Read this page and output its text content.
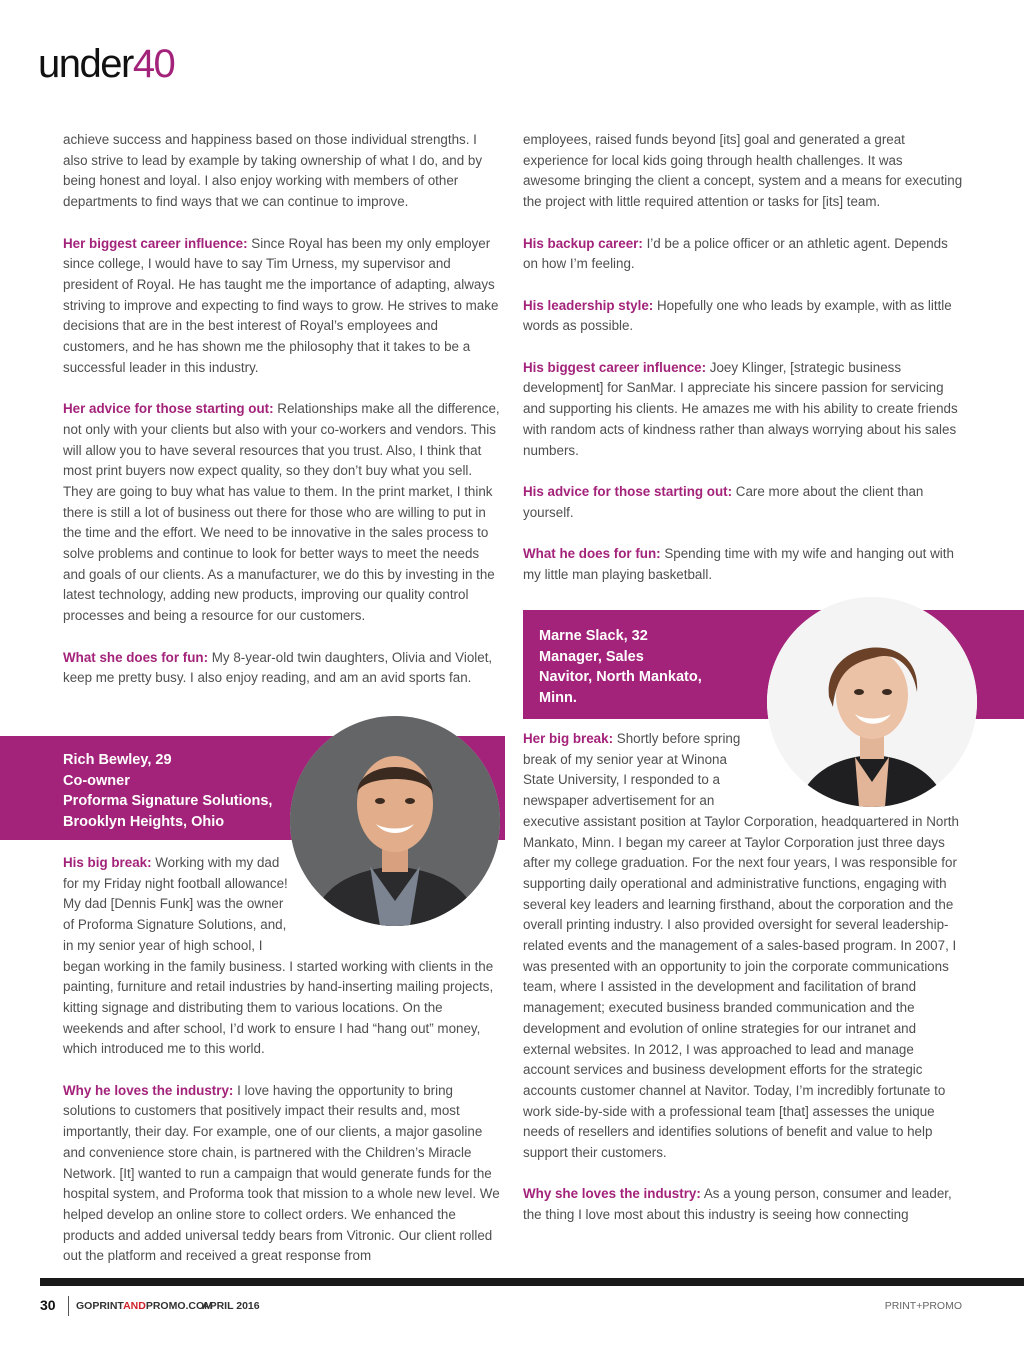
under40

achieve success and happiness based on those individual strengths. I also strive to lead by example by taking ownership of what I do, and by being honest and loyal. I also enjoy working with members of other departments to find ways that we can continue to improve.

Her biggest career influence: Since Royal has been my only employer since college, I would have to say Tim Urness, my supervisor and president of Royal. He has taught me the importance of adapting, always striving to improve and expecting to find ways to grow. He strives to make decisions that are in the best interest of Royal’s employees and customers, and he has shown me the philosophy that it takes to be a successful leader in this industry.

Her advice for those starting out: Relationships make all the difference, not only with your clients but also with your co-workers and vendors. This will allow you to have several resources that you trust. Also, I think that most print buyers now expect quality, so they don’t buy what you sell. They are going to buy what has value to them. In the print market, I think there is still a lot of business out there for those who are willing to put in the time and the effort. We need to be innovative in the sales process to solve problems and continue to look for better ways to meet the needs and goals of our clients. As a manufacturer, we do this by investing in the latest technology, adding new products, improving our quality control processes and being a resource for our customers.

What she does for fun: My 8-year-old twin daughters, Olivia and Violet, keep me pretty busy. I also enjoy reading, and am an avid sports fan.

employees, raised funds beyond [its] goal and generated a great experience for local kids going through health challenges. It was awesome bringing the client a concept, system and a means for executing the project with little required attention or tasks for [its] team.

His backup career: I’d be a police officer or an athletic agent. Depends on how I’m feeling.

His leadership style: Hopefully one who leads by example, with as little words as possible.

His biggest career influence: Joey Klinger, [strategic business development] for SanMar. I appreciate his sincere passion for servicing and supporting his clients. He amazes me with his ability to create friends with random acts of kindness rather than always worrying about his sales numbers.

His advice for those starting out: Care more about the client than yourself.

What he does for fun: Spending time with my wife and hanging out with my little man playing basketball.

Rich Bewley, 29
Co-owner
Proforma Signature Solutions,
Brooklyn Heights, Ohio

His big break: Working with my dad for my Friday night football allowance! My dad [Dennis Funk] was the owner of Proforma Signature Solutions, and, in my senior year of high school, I began working in the family business. I started working with clients in the painting, furniture and retail industries by hand-inserting mailing projects, kitting signage and distributing them to various locations. On the weekends and after school, I’d work to ensure I had “hang out” money, which introduced me to this world.

Why he loves the industry: I love having the opportunity to bring solutions to customers that positively impact their results and, most importantly, their day. For example, one of our clients, a major gasoline and convenience store chain, is partnered with the Children’s Miracle Network. [It] wanted to run a campaign that would generate funds for the hospital system, and Proforma took that mission to a whole new level. We helped develop an online store to collect orders. We enhanced the products and added universal teddy bears from Vitronic. Our client rolled out the platform and received a great response from

Marne Slack, 32
Manager, Sales
Navitor, North Mankato,
Minn.

Her big break: Shortly before spring break of my senior year at Winona State University, I responded to a newspaper advertisement for an executive assistant position at Taylor Corporation, headquartered in North Mankato, Minn. I began my career at Taylor Corporation just three days after my college graduation. For the next four years, I was responsible for supporting daily operational and administrative functions, engaging with several key leaders and learning firsthand, about the corporation and the overall printing industry. I also provided oversight for several leadership-related events and the management of a sales-based program. In 2007, I was presented with an opportunity to join the corporate communications team, where I assisted in the development and facilitation of brand management; executed business branded communication and the development and evolution of online strategies for our intranet and external websites. In 2012, I was approached to lead and manage account services and business development efforts for the strategic accounts customer channel at Navitor. Today, I’m incredibly fortunate to work side-by-side with a professional team [that] assesses the unique needs of resellers and identifies solutions of benefit and value to help support their customers.

Why she loves the industry: As a young person, consumer and leader, the thing I love most about this industry is seeing how connecting

30 GOPRINTANDPROMO.COM
APRIL 2016	PRINT+PROMO
